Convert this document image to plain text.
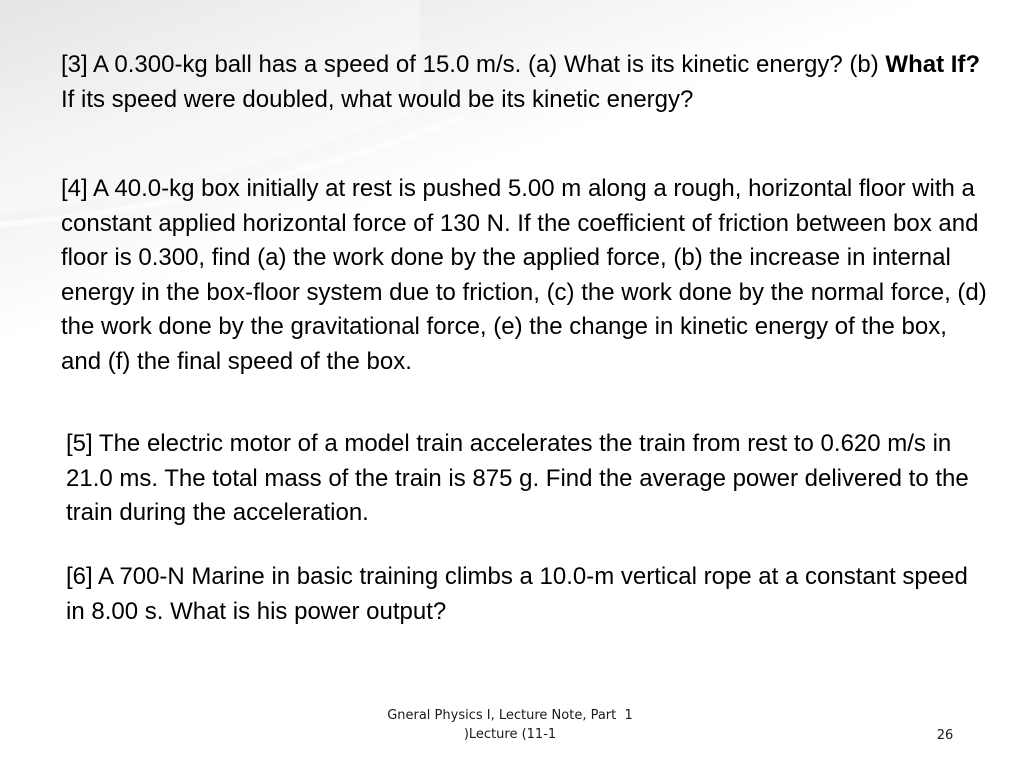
[3] A 0.300-kg ball has a speed of 15.0 m/s. (a) What is its kinetic energy? (b) What If? If its speed were doubled, what would be its kinetic energy?

[4] A 40.0-kg box initially at rest is pushed 5.00 m along a rough, horizontal floor with a constant applied horizontal force of 130 N. If the coefficient of friction between box and floor is 0.300, find (a) the work done by the applied force, (b) the increase in internal energy in the box-floor system due to friction, (c) the work done by the normal force, (d) the work done by the gravitational force, (e) the change in kinetic energy of the box, and (f) the final speed of the box.

[5] The electric motor of a model train accelerates the train from rest to 0.620 m/s in 21.0 ms. The total mass of the train is 875 g. Find the average power delivered to the train during the acceleration.

[6] A 700-N Marine in basic training climbs a 10.0-m vertical rope at a constant speed in 8.00 s. What is his power output?

Gneral Physics I, Lecture Note, Part  1
)Lecture (11-1	26
